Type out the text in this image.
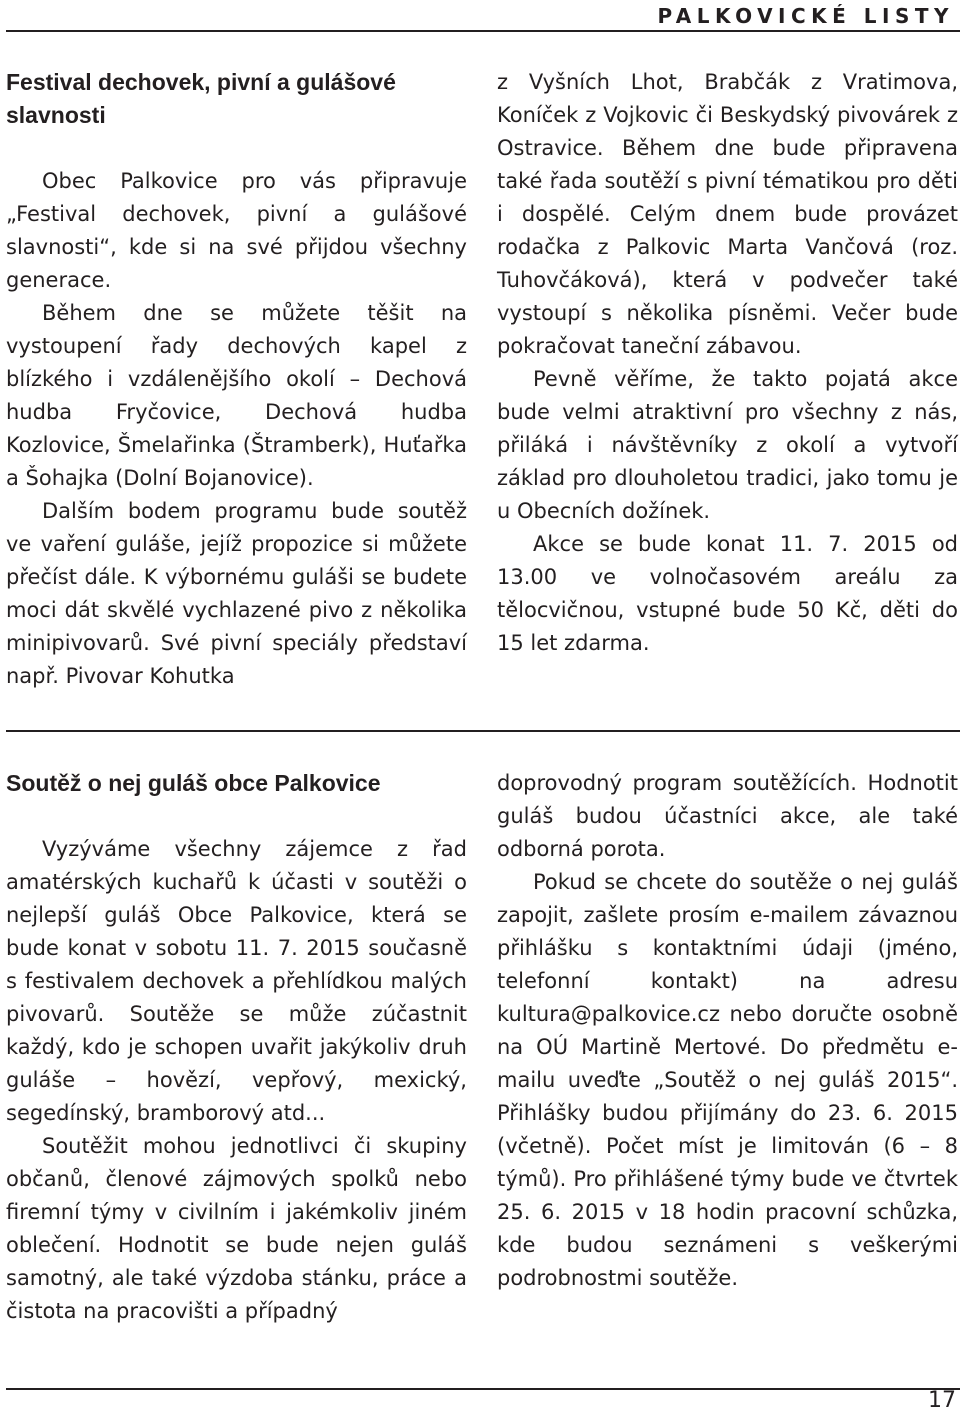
PALKOVICKÉ LISTY
Festival dechovek, pivní a gulášové slavnosti

Obec Palkovice pro vás připravuje „Festival dechovek, pivní a gulášové slavnosti“, kde si na své přijdou všechny generace.

Během dne se můžete těšit na vystoupení řady dechových kapel z blízkého i vzdálenějšího okolí – Dechová hudba Fryčovice, Dechová hudba Kozlovice, Šmelařinka (Štramberk), Huťařka a Šohajka (Dolní Bojanovice).

Dalším bodem programu bude soutěž ve vaření guláše, jejíž propozice si můžete přečíst dále. K výbornému guláši se budete moci dát skvělé vychlazené pivo z několika minipivovarů. Své pivní speciály představí např. Pivovar Kohutka

z Vyšních Lhot, Brabčák z Vratimova, Koníček z Vojkovic či Beskydský pivovárek z Ostravice. Během dne bude připravena také řada soutěží s pivní tématikou pro děti i dospělé. Celým dnem bude provázet rodačka z Palkovic Marta Vančová (roz. Tuhovčáková), která v podvečer také vystoupí s několika písněmi. Večer bude pokračovat taneční zábavou.

Pevně věříme, že takto pojatá akce bude velmi atraktivní pro všechny z nás, přiláká i návštěvníky z okolí a vytvoří základ pro dlouholetou tradici, jako tomu je u Obecních dožínek.

Akce se bude konat 11. 7. 2015 od 13.00 ve volnočasovém areálu za tělocvičnou, vstupné bude 50 Kč, děti do 15 let zdarma.

Soutěž o nej guláš obce Palkovice

Vyzýváme všechny zájemce z řad amatérských kuchařů k účasti v soutěži o nejlepší guláš Obce Palkovice, která se bude konat v sobotu 11. 7. 2015 současně s festivalem dechovek a přehlídkou malých pivovarů. Soutěže se může zúčastnit každý, kdo je schopen uvařit jakýkoliv druh guláše – hovězí, vepřový, mexický, segedínský, bramborový atd...

Soutěžit mohou jednotlivci či skupiny občanů, členové zájmových spolků nebo firemní týmy v civilním i jakémkoliv jiném oblečení. Hodnotit se bude nejen guláš samotný, ale také výzdoba stánku, práce a čistota na pracovišti a případný

doprovodný program soutěžících. Hodnotit guláš budou účastníci akce, ale také odborná porota.

Pokud se chcete do soutěže o nej guláš zapojit, zašlete prosím e-mailem závaznou přihlášku s kontaktními údaji (jméno, telefonní kontakt) na adresu kultura@palkovice.cz nebo doručte osobně na OÚ Martině Mertové. Do předmětu e-mailu uveďte „Soutěž o nej guláš 2015“. Přihlášky budou přijímány do 23. 6. 2015 (včetně). Počet míst je limitován (6 – 8 týmů). Pro přihlášené týmy bude ve čtvrtek 25. 6. 2015 v 18 hodin pracovní schůzka, kde budou seznámeni s veškerými podrobnostmi soutěže.

17
